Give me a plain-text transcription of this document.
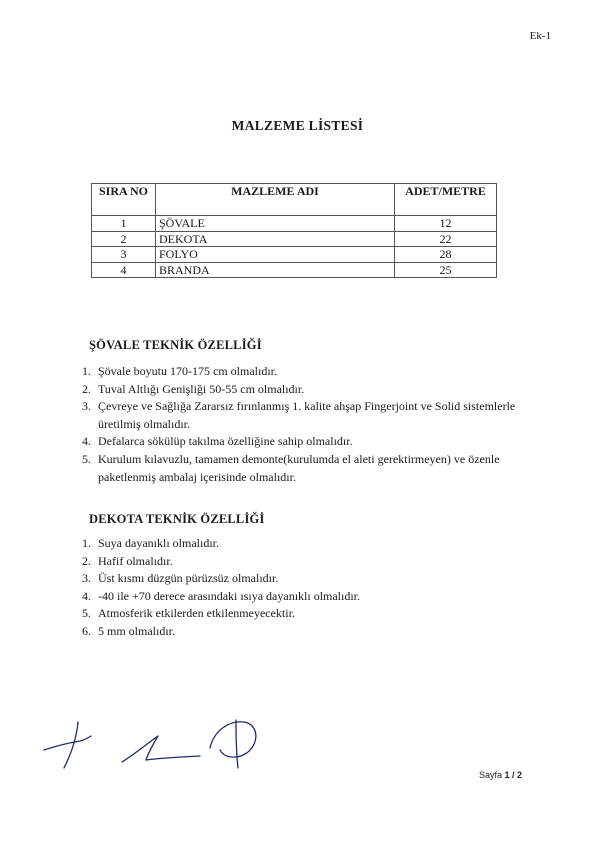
Ek-1
MALZEME LİSTESİ
SIRA NO	MAZLEME ADI	ADET/METRE
1	ŞÖVALE	12
2	DEKOTA	22
3	FOLYO	28
4	BRANDA	25
ŞÖVALE TEKNİK ÖZELLİĞİ
1. Şövale boyutu 170-175 cm olmalıdır.
2. Tuval Altlığı Genişliği 50-55 cm olmalıdır.
3. Çevreye ve Sağlığa Zararsız fırınlanmış 1. kalite ahşap Fingerjoint ve Solid sistemlerle üretilmiş olmalıdır.
4. Defalarca sökülüp takılma özelliğine sahip olmalıdır.
5. Kurulum kılavuzlu, tamamen demonte(kurulumda el aleti gerektirmeyen) ve özenle paketlenmiş ambalaj içerisinde olmalıdır.
DEKOTA TEKNİK ÖZELLİĞİ
1. Suya dayanıklı olmalıdır.
2. Hafif olmalıdır.
3. Üst kısmı düzgün pürüzsüz olmalıdır.
4. -40 ile +70 derece arasındaki ısıya dayanıklı olmalıdır.
5. Atmosferik etkilerden etkilenmeyecektir.
6. 5 mm olmalıdır.
Sayfa 1 / 2
